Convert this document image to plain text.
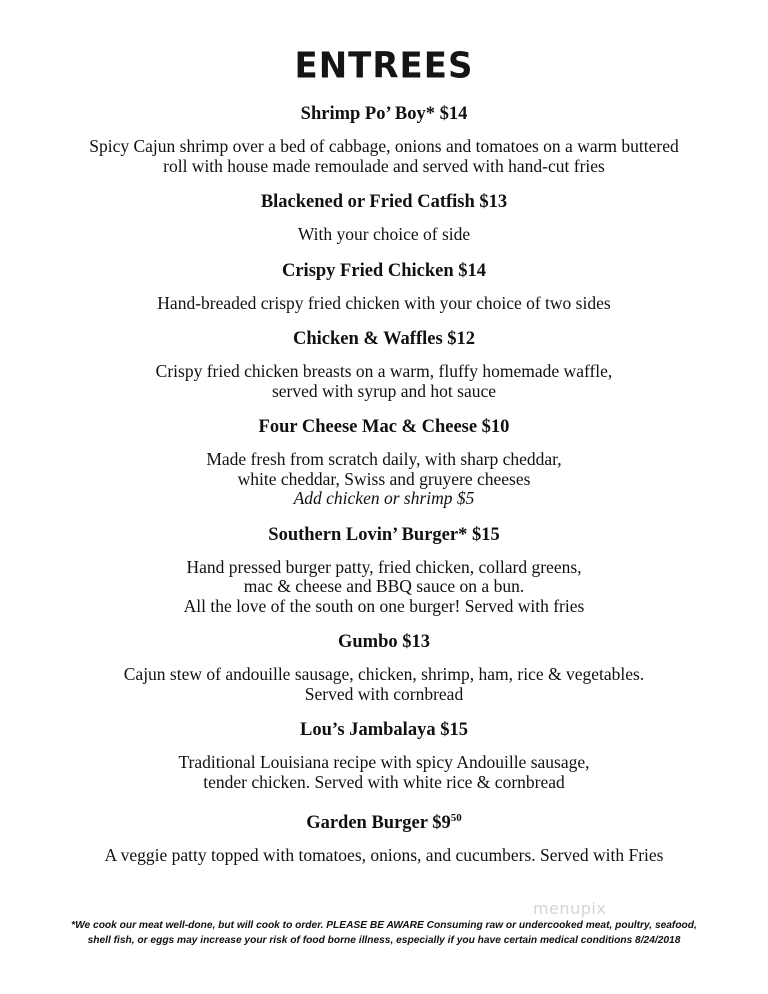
ENTREES
Shrimp Po’ Boy* $14
Spicy Cajun shrimp over a bed of cabbage, onions and tomatoes on a warm buttered
roll with house made remoulade and served with hand-cut fries
Blackened or Fried Catfish $13
With your choice of side
Crispy Fried Chicken $14
Hand-breaded crispy fried chicken with your choice of two sides
Chicken & Waffles $12
Crispy fried chicken breasts on a warm, fluffy homemade waffle,
served with syrup and hot sauce
Four Cheese Mac & Cheese $10
Made fresh from scratch daily, with sharp cheddar,
white cheddar, Swiss and gruyere cheeses
Add chicken or shrimp $5
Southern Lovin’ Burger* $15
Hand pressed burger patty, fried chicken, collard greens,
mac & cheese and BBQ sauce on a bun.
All the love of the south on one burger! Served with fries
Gumbo $13
Cajun stew of andouille sausage, chicken, shrimp, ham, rice & vegetables.
Served with cornbread
Lou’s Jambalaya $15
Traditional Louisiana recipe with spicy Andouille sausage,
tender chicken. Served with white rice & cornbread
Garden Burger $\$9^{50}$
A veggie patty topped with tomatoes, onions, and cucumbers. Served with Fries
menupix
*We cook our meat well-done, but will cook to order. PLEASE BE AWARE Consuming raw or undercooked meat, poultry, seafood,
shell fish, or eggs may increase your risk of food borne illness, especially if you have certain medical conditions 8/24/2018
